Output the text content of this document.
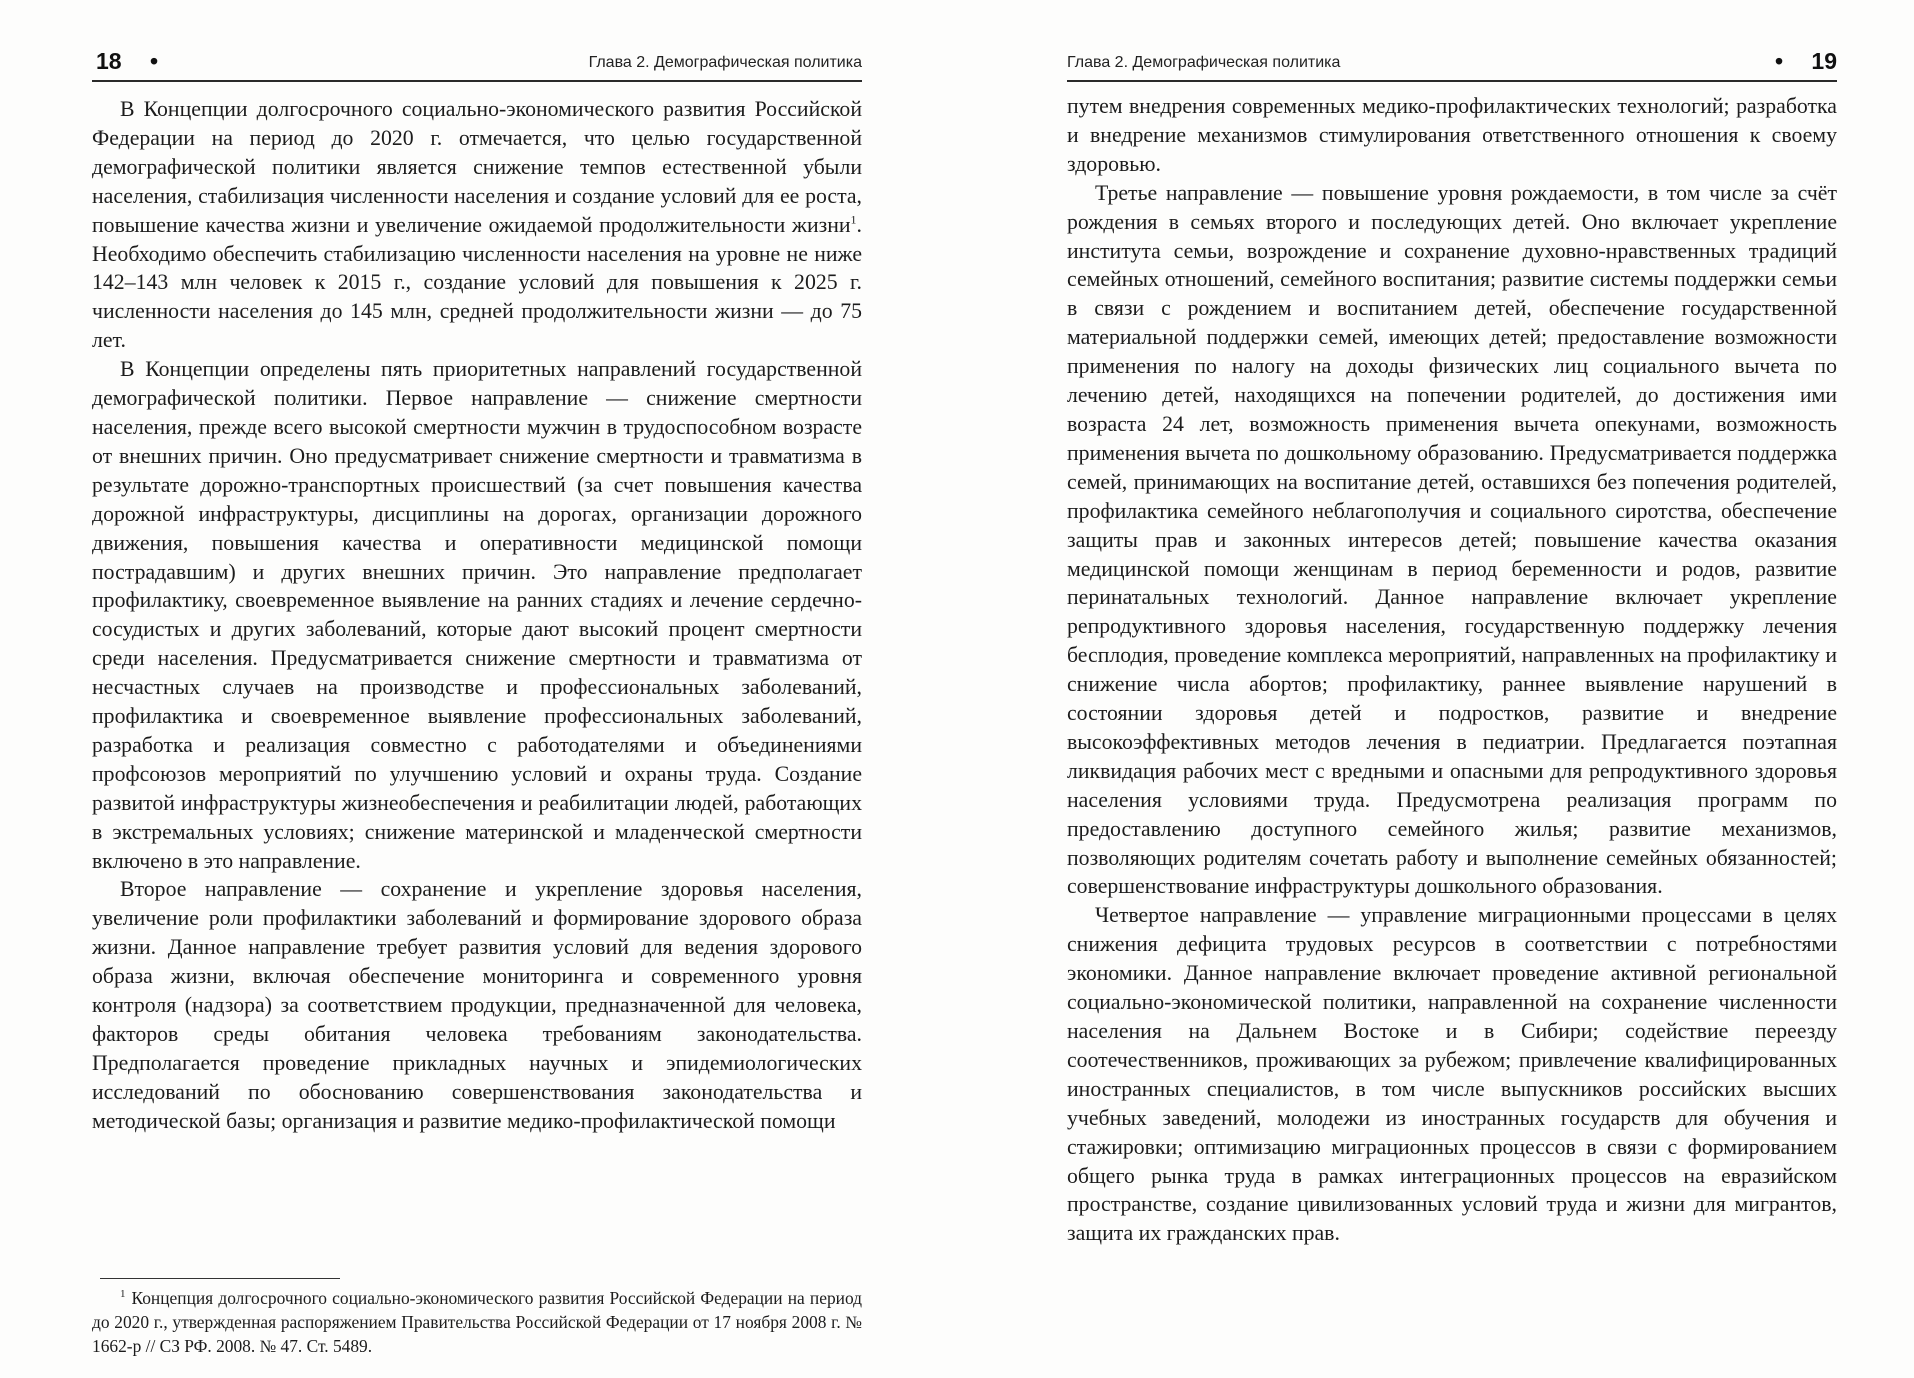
18 •	Глава 2. Демографическая политика

В Концепции долгосрочного социально-экономического развития Российской Федерации на период до 2020 г. отмечается, что целью государственной демографической политики является снижение темпов естественной убыли населения, стабилизация численности населения и создание условий для ее роста, повышение качества жизни и увеличение ожидаемой продолжительности жизни$^1$. Необходимо обеспечить стабилизацию численности населения на уровне не ниже 142–143 млн человек к 2015 г., создание условий для повышения к 2025 г. численности населения до 145 млн, средней продолжительности жизни — до 75 лет.

В Концепции определены пять приоритетных направлений государственной демографической политики. Первое направление — снижение смертности населения, прежде всего высокой смертности мужчин в трудоспособном возрасте от внешних причин. Оно предусматривает снижение смертности и травматизма в результате дорожно-транспортных происшествий (за счет повышения качества дорожной инфраструктуры, дисциплины на дорогах, организации дорожного движения, повышения качества и оперативности медицинской помощи пострадавшим) и других внешних причин. Это направление предполагает профилактику, своевременное выявление на ранних стадиях и лечение сердечно-сосудистых и других заболеваний, которые дают высокий процент смертности среди населения. Предусматривается снижение смертности и травматизма от несчастных случаев на производстве и профессиональных заболеваний, профилактика и своевременное выявление профессиональных заболеваний, разработка и реализация совместно с работодателями и объединениями профсоюзов мероприятий по улучшению условий и охраны труда. Создание развитой инфраструктуры жизнеобеспечения и реабилитации людей, работающих в экстремальных условиях; снижение материнской и младенческой смертности включено в это направление.

Второе направление — сохранение и укрепление здоровья населения, увеличение роли профилактики заболеваний и формирование здорового образа жизни. Данное направление требует развития условий для ведения здорового образа жизни, включая обеспечение мониторинга и современного уровня контроля (надзора) за соответствием продукции, предназначенной для человека, факторов среды обитания человека требованиям законодательства. Предполагается проведение прикладных научных и эпидемиологических исследований по обоснованию совершенствования законодательства и методической базы; организация и развитие медико-профилактической помощи

$^1$ Концепция долгосрочного социально-экономического развития Российской Федерации на период до 2020 г., утвержденная распоряжением Правительства Российской Федерации от 17 ноября 2008 г. № 1662-р // СЗ РФ. 2008. № 47. Ст. 5489.

Глава 2. Демографическая политика	• 19

путем внедрения современных медико-профилактических технологий; разработка и внедрение механизмов стимулирования ответственного отношения к своему здоровью.

Третье направление — повышение уровня рождаемости, в том числе за счёт рождения в семьях второго и последующих детей. Оно включает укрепление института семьи, возрождение и сохранение духовно-нравственных традиций семейных отношений, семейного воспитания; развитие системы поддержки семьи в связи с рождением и воспитанием детей, обеспечение государственной материальной поддержки семей, имеющих детей; предоставление возможности применения по налогу на доходы физических лиц социального вычета по лечению детей, находящихся на попечении родителей, до достижения ими возраста 24 лет, возможность применения вычета опекунами, возможность применения вычета по дошкольному образованию. Предусматривается поддержка семей, принимающих на воспитание детей, оставшихся без попечения родителей, профилактика семейного неблагополучия и социального сиротства, обеспечение защиты прав и законных интересов детей; повышение качества оказания медицинской помощи женщинам в период беременности и родов, развитие перинатальных технологий. Данное направление включает укрепление репродуктивного здоровья населения, государственную поддержку лечения бесплодия, проведение комплекса мероприятий, направленных на профилактику и снижение числа абортов; профилактику, раннее выявление нарушений в состоянии здоровья детей и подростков, развитие и внедрение высокоэффективных методов лечения в педиатрии. Предлагается поэтапная ликвидация рабочих мест с вредными и опасными для репродуктивного здоровья населения условиями труда. Предусмотрена реализация программ по предоставлению доступного семейного жилья; развитие механизмов, позволяющих родителям сочетать работу и выполнение семейных обязанностей; совершенствование инфраструктуры дошкольного образования.

Четвертое направление — управление миграционными процессами в целях снижения дефицита трудовых ресурсов в соответствии с потребностями экономики. Данное направление включает проведение активной региональной социально-экономической политики, направленной на сохранение численности населения на Дальнем Востоке и в Сибири; содействие переезду соотечественников, проживающих за рубежом; привлечение квалифицированных иностранных специалистов, в том числе выпускников российских высших учебных заведений, молодежи из иностранных государств для обучения и стажировки; оптимизацию миграционных процессов в связи с формированием общего рынка труда в рамках интеграционных процессов на евразийском пространстве, создание цивилизованных условий труда и жизни для мигрантов, защита их гражданских прав.
